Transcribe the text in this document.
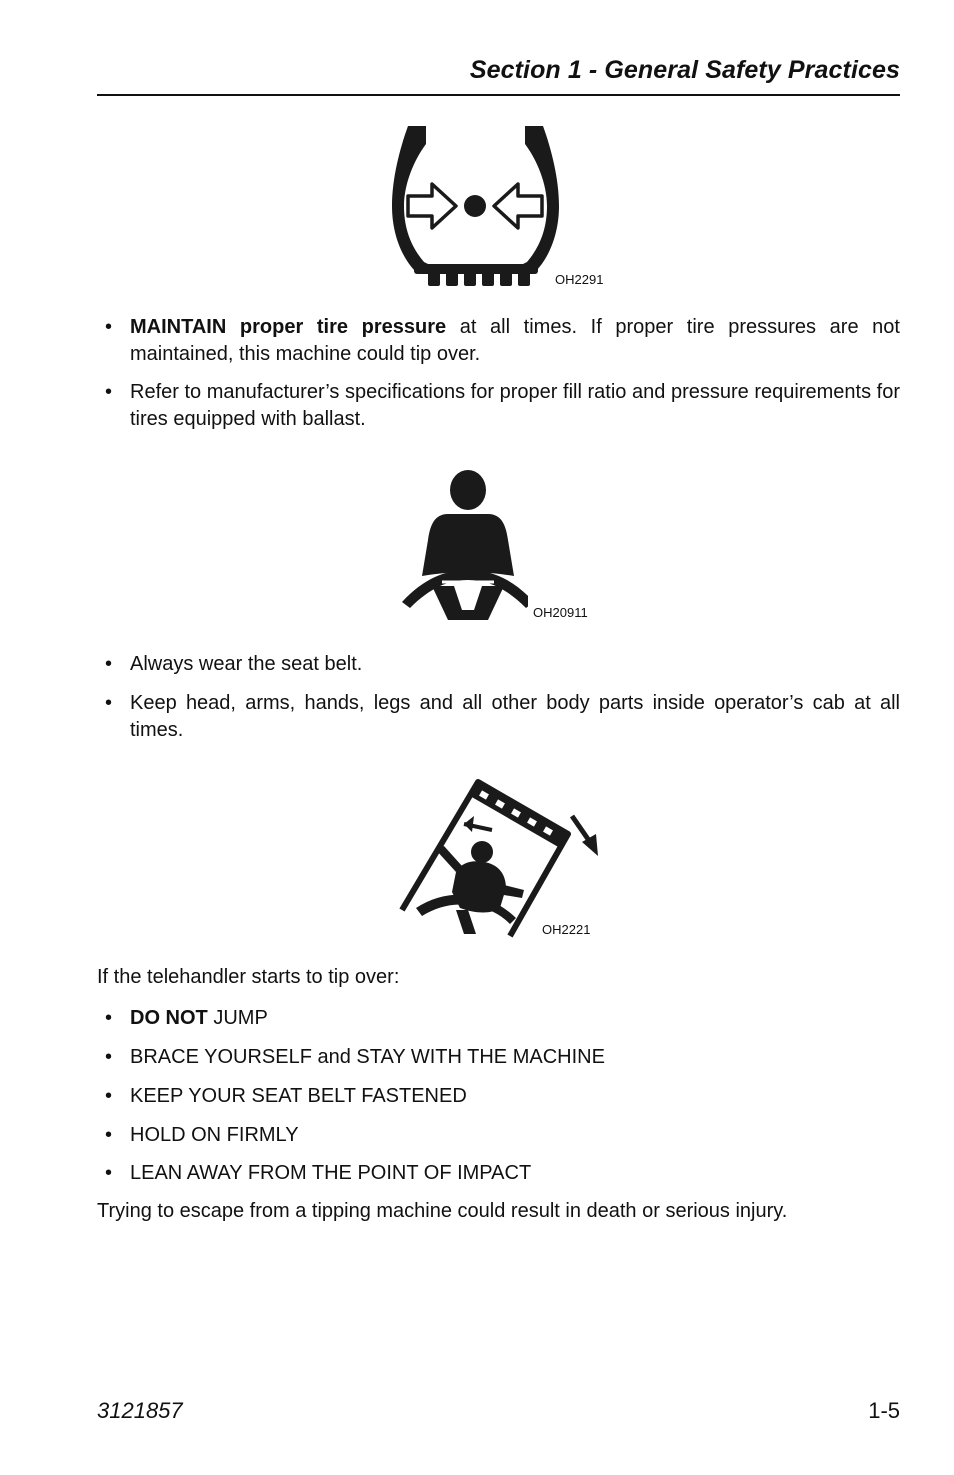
Section 1 - General Safety Practices
OH2291
• MAINTAIN proper tire pressure at all times. If proper tire pressures are not maintained, this machine could tip over.
• Refer to manufacturer’s specifications for proper fill ratio and pressure requirements for tires equipped with ballast.
OH20911
• Always wear the seat belt.
• Keep head, arms, hands, legs and all other body parts inside operator’s cab at all times.
OH2221
If the telehandler starts to tip over:
• DO NOT JUMP
• BRACE YOURSELF and STAY WITH THE MACHINE
• KEEP YOUR SEAT BELT FASTENED
• HOLD ON FIRMLY
• LEAN AWAY FROM THE POINT OF IMPACT
Trying to escape from a tipping machine could result in death or serious injury.
3121857	1-5
